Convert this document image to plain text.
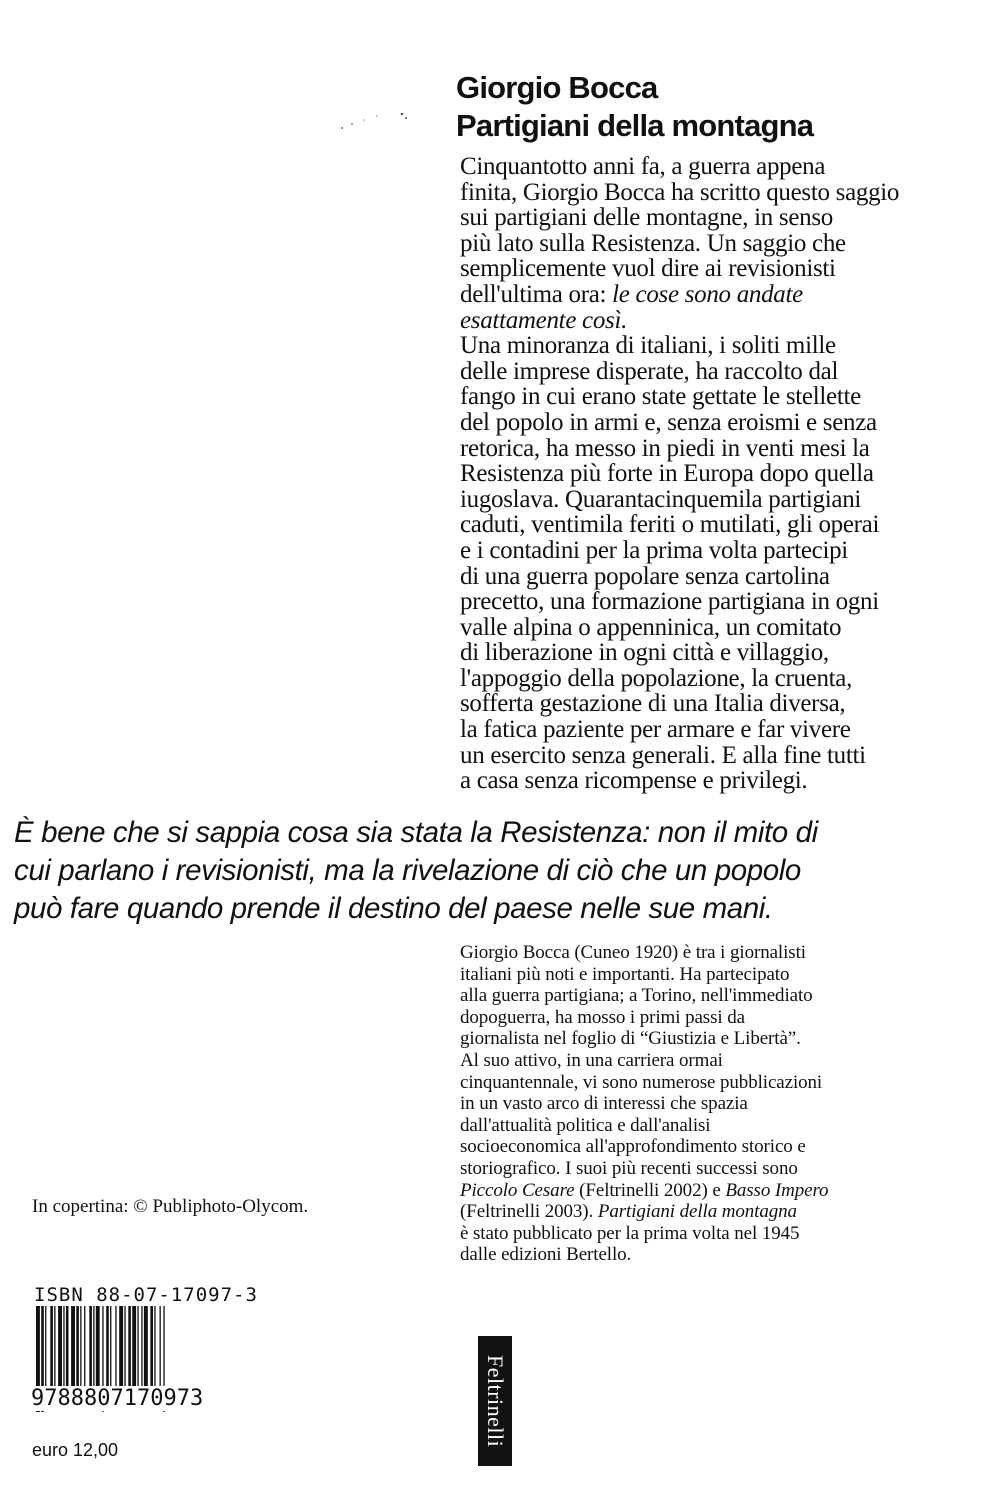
Giorgio Bocca
Partigiani della montagna
Cinquantotto anni fa, a guerra appena
finita, Giorgio Bocca ha scritto questo saggio
sui partigiani delle montagne, in senso
più lato sulla Resistenza. Un saggio che
semplicemente vuol dire ai revisionisti
dell'ultima ora: le cose sono andate
esattamente così.
Una minoranza di italiani, i soliti mille
delle imprese disperate, ha raccolto dal
fango in cui erano state gettate le stellette
del popolo in armi e, senza eroismi e senza
retorica, ha messo in piedi in venti mesi la
Resistenza più forte in Europa dopo quella
iugoslava. Quarantacinquemila partigiani
caduti, ventimila feriti o mutilati, gli operai
e i contadini per la prima volta partecipi
di una guerra popolare senza cartolina
precetto, una formazione partigiana in ogni
valle alpina o appenninica, un comitato
di liberazione in ogni città e villaggio,
l'appoggio della popolazione, la cruenta,
sofferta gestazione di una Italia diversa,
la fatica paziente per armare e far vivere
un esercito senza generali. E alla fine tutti
a casa senza ricompense e privilegi.
È bene che si sappia cosa sia stata la Resistenza: non il mito di
cui parlano i revisionisti, ma la rivelazione di ciò che un popolo
può fare quando prende il destino del paese nelle sue mani.
Giorgio Bocca (Cuneo 1920) è tra i giornalisti
italiani più noti e importanti. Ha partecipato
alla guerra partigiana; a Torino, nell'immediato
dopoguerra, ha mosso i primi passi da
giornalista nel foglio di “Giustizia e Libertà”.
Al suo attivo, in una carriera ormai
cinquantennale, vi sono numerose pubblicazioni
in un vasto arco di interessi che spazia
dall'attualità politica e dall'analisi
socioeconomica all'approfondimento storico e
storiografico. I suoi più recenti successi sono
Piccolo Cesare (Feltrinelli 2002) e Basso Impero
(Feltrinelli 2003). Partigiani della montagna
è stato pubblicato per la prima volta nel 1945
dalle edizioni Bertello.
In copertina: © Publiphoto-Olycom.
ISBN 88-07-17097-3
9788807170973
euro 12,00
Feltrinelli
